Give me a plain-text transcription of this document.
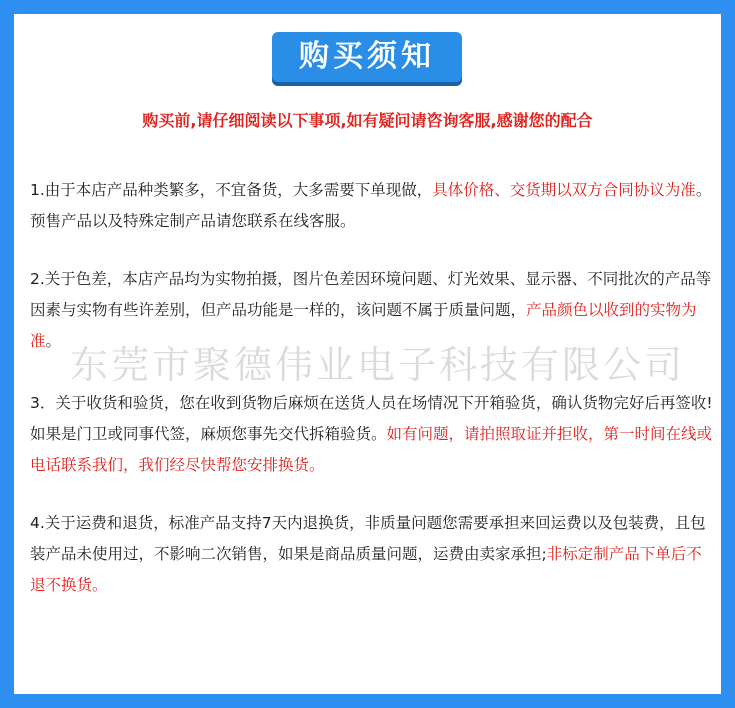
购买须知
购买前,请仔细阅读以下事项,如有疑问请咨询客服,感谢您的配合

1.由于本店产品种类繁多，不宜备货，大多需要下单现做，具体价格、交货期以双方合同协议为准。预售产品以及特殊定制产品请您联系在线客服。

2.关于色差，本店产品均为实物拍摄，图片色差因环境问题、灯光效果、显示器、不同批次的产品等因素与实物有些许差别，但产品功能是一样的，该问题不属于质量问题，产品颜色以收到的实物为准。

东莞市聚德伟业电子科技有限公司

3．关于收货和验货，您在收到货物后麻烦在送货人员在场情况下开箱验货，确认货物完好后再签收!如果是门卫或同事代签，麻烦您事先交代拆箱验货。如有问题，请拍照取证并拒收，第一时间在线或电话联系我们，我们经尽快帮您安排换货。

4.关于运费和退货，标准产品支持7天内退换货，非质量问题您需要承担来回运费以及包装费，且包装产品未使用过，不影响二次销售，如果是商品质量问题，运费由卖家承担;非标定制产品下单后不退不换货。
